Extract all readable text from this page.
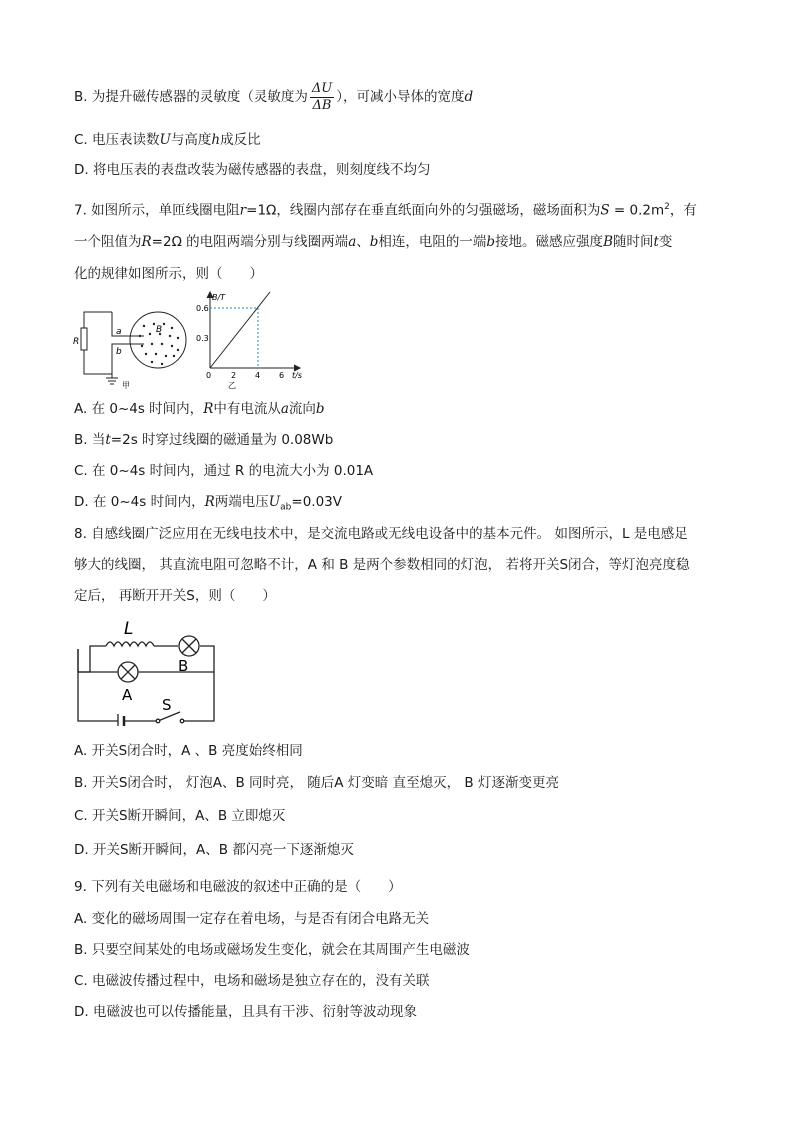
B. 为提升磁传感器的灵敏度（灵敏度为 $\frac{\Delta U}{\Delta B}$ ），可减小导体的宽度d
C. 电压表读数U与高度h成反比
D. 将电压表的表盘改装为磁传感器的表盘，则刻度线不均匀
7. 如图所示，单匝线圈电阻r=1Ω，线圈内部存在垂直纸面向外的匀强磁场，磁场面积为$S = 0.2m^2$，有
一个阻值为R=2Ω 的电阻两端分别与线圈两端a、b相连，电阻的一端b接地。磁感应强度B随时间t变
化的规律如图所示，则（　　）
R
a
b
B
甲
B/T
t/s
0.6
0.3
0 2 4 6
乙
A. 在 0~4s 时间内，R中有电流从a流向b
B. 当t=2s 时穿过线圈的磁通量为 0.08Wb
C. 在 0~4s 时间内，通过 R 的电流大小为 0.01A
D. 在 0~4s 时间内，R两端电压$U_{ab}=0.03V$
8. 自感线圈广泛应用在无线电技术中，是交流电路或无线电设备中的基本元件。 如图所示，L 是电感足
够大的线圈， 其直流电阻可忽略不计，A 和 B 是两个参数相同的灯泡， 若将开关S闭合，等灯泡亮度稳
定后， 再断开开关S，则（　　）
L
A
B
S
A. 开关S闭合时，A 、B 亮度始终相同
B. 开关S闭合时， 灯泡A、B 同时亮， 随后A 灯变暗 直至熄灭， B 灯逐渐变更亮
C. 开关S断开瞬间，A、B 立即熄灭
D. 开关S断开瞬间，A、B 都闪亮一下逐渐熄灭
9. 下列有关电磁场和电磁波的叙述中正确的是（　　）
A. 变化的磁场周围一定存在着电场，与是否有闭合电路无关
B. 只要空间某处的电场或磁场发生变化，就会在其周围产生电磁波
C. 电磁波传播过程中，电场和磁场是独立存在的，没有关联
D. 电磁波也可以传播能量，且具有干涉、衍射等波动现象
